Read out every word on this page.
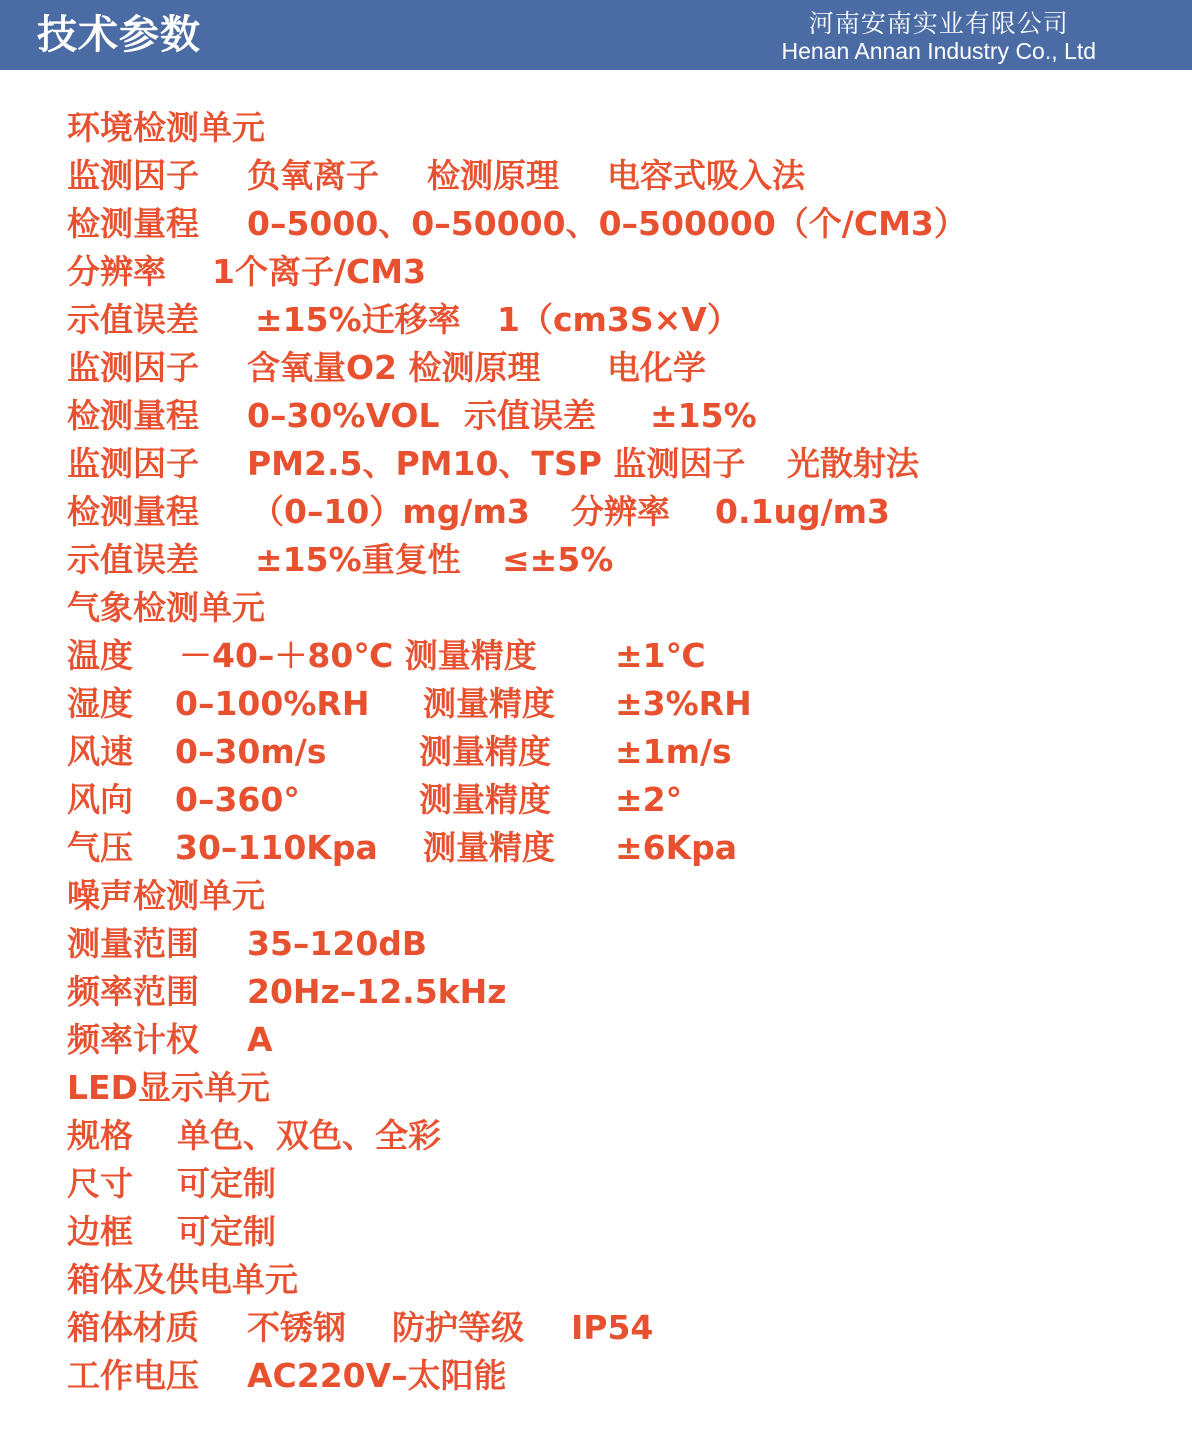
技术参数	河南安南实业有限公司
Henan Annan Industry Co., Ltd
环境检测单元
监测因子 负氧离子 检测原理 电容式吸入法
检测量程 0–5000、0–50000、0–500000（个/CM3）
分辨率 1个离子/CM3
示值误差 ±15%迁移率 1（cm3S×V）
监测因子 含氧量O2 检测原理 电化学
检测量程 0–30%VOL 示值误差 ±15%
监测因子 PM2.5、PM10、TSP 监测因子 光散射法
检测量程 （0–10）mg/m3 分辨率 0.1ug/m3
示值误差 ±15%重复性 ≤±5%
气象检测单元
温度 －40–＋80℃ 测量精度 ±1℃
湿度 0–100%RH 测量精度 ±3%RH
风速 0–30m/s	测量精度 ±1m/s
风向 0–360°	测量精度 ±2°
气压 30–110Kpa 测量精度 ±6Kpa
噪声检测单元
测量范围 35–120dB
频率范围 20Hz–12.5kHz
频率计权 A
LED显示单元
规格 单色、双色、全彩
尺寸 可定制
边框 可定制
箱体及供电单元
箱体材质 不锈钢 防护等级 IP54
工作电压 AC220V–太阳能
